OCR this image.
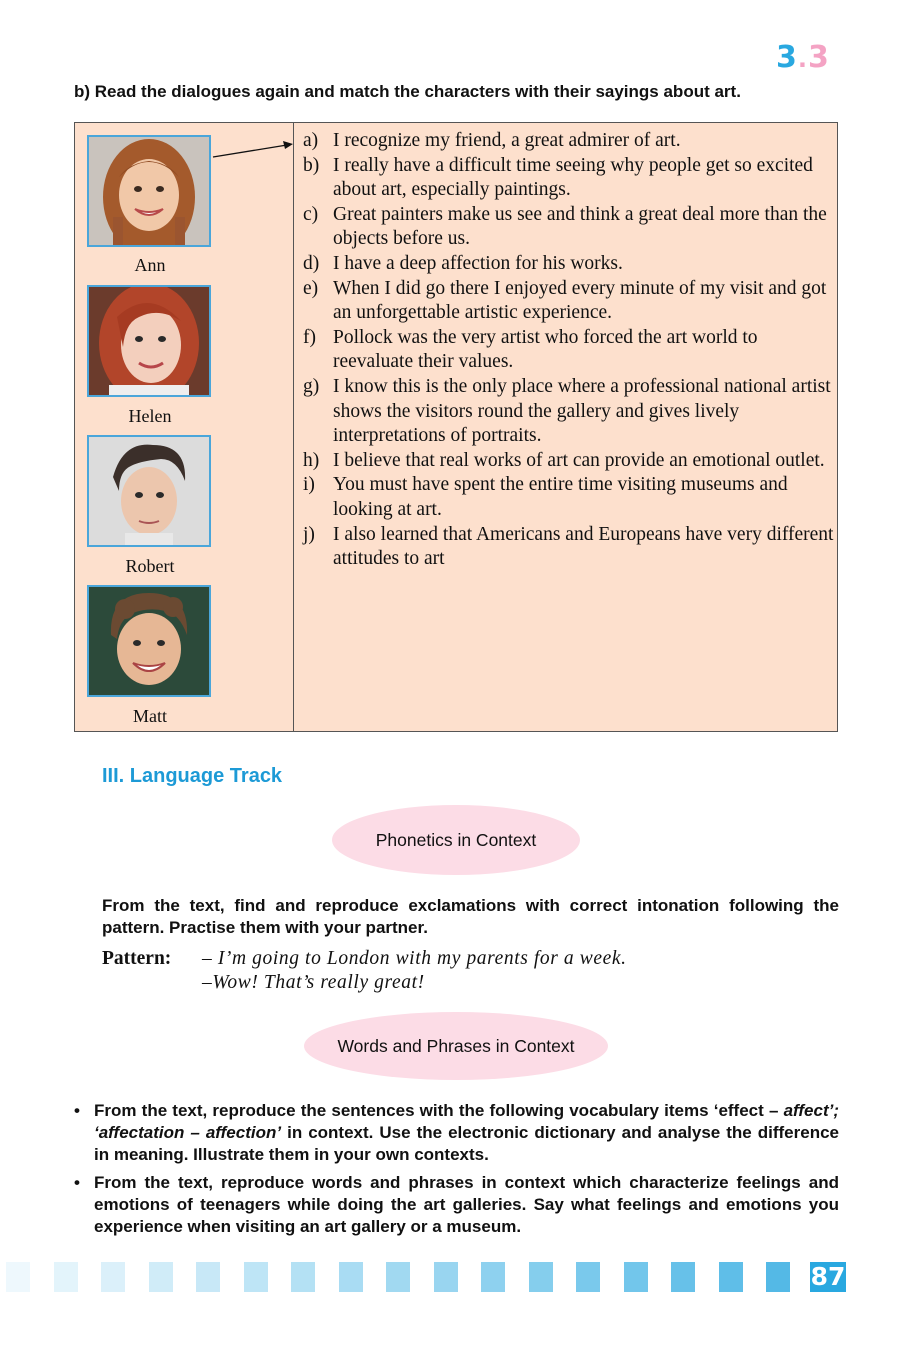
3.3
b) Read the dialogues again and match the characters with their sayings about art.
Ann
Helen
Robert
Matt
a) I recognize my friend, a great admirer of art.
b) I really have a difficult time seeing why people get so excited about art, especially paintings.
c) Great painters make us see and think a great deal more than the objects before us.
d) I have a deep affection for his works.
e) When I did go there I enjoyed every minute of my visit and got an unforgettable artistic experience.
f) Pollock was the very artist who forced the art world to reevaluate their values.
g) I know this is the only place where a professional national artist shows the visitors round the gallery and gives lively interpretations of portraits.
h) I believe that real works of art can provide an emotional outlet.
i) You must have spent the entire time visiting museums and looking at art.
j) I also learned that Americans and Europeans have very different attitudes to art
III. Language Track
Phonetics in Context
From the text, find and reproduce exclamations with correct intonation following the pattern. Practise them with your partner.
Pattern: – I’m going to London with my parents for a week.
–Wow! That’s really great!
Words and Phrases in Context
• From the text, reproduce the sentences with the following vocabulary items ‘effect – affect’; ‘affectation – affection’ in context. Use the electronic dictionary and analyse the difference in meaning. Illustrate them in your own contexts.
• From the text, reproduce words and phrases in context which characterize feelings and emotions of teenagers while doing the art galleries. Say what feelings and emotions you experience when visiting an art gallery or a museum.
87
